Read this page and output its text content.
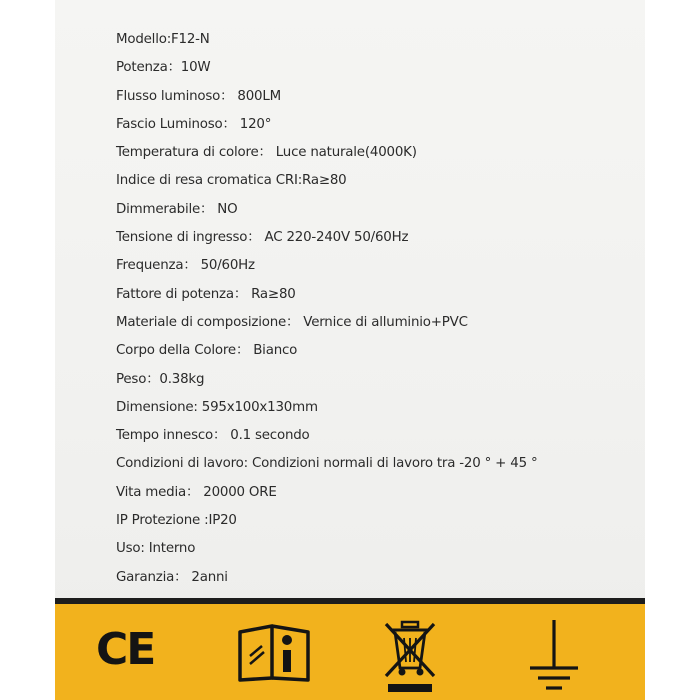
Modello:F12-N
Potenza：10W
Flusso luminoso： 800LM
Fascio Luminoso： 120°
Temperatura di colore： Luce naturale(4000K)
Indice di resa cromatica CRI:Ra≥80
Dimmerabile： NO
Tensione di ingresso： AC 220-240V 50/60Hz
Frequenza： 50/60Hz
Fattore di potenza： Ra≥80
Materiale di composizione： Vernice di alluminio+PVC
Corpo della Colore： Bianco
Peso：0.38kg
Dimensione: 595x100x130mm
Tempo innesco： 0.1 secondo
Condizioni di lavoro: Condizioni normali di lavoro tra -20 ° + 45 °
Vita media： 20000 ORE
IP Protezione :IP20
Uso: Interno
Garanzia： 2anni
CE
